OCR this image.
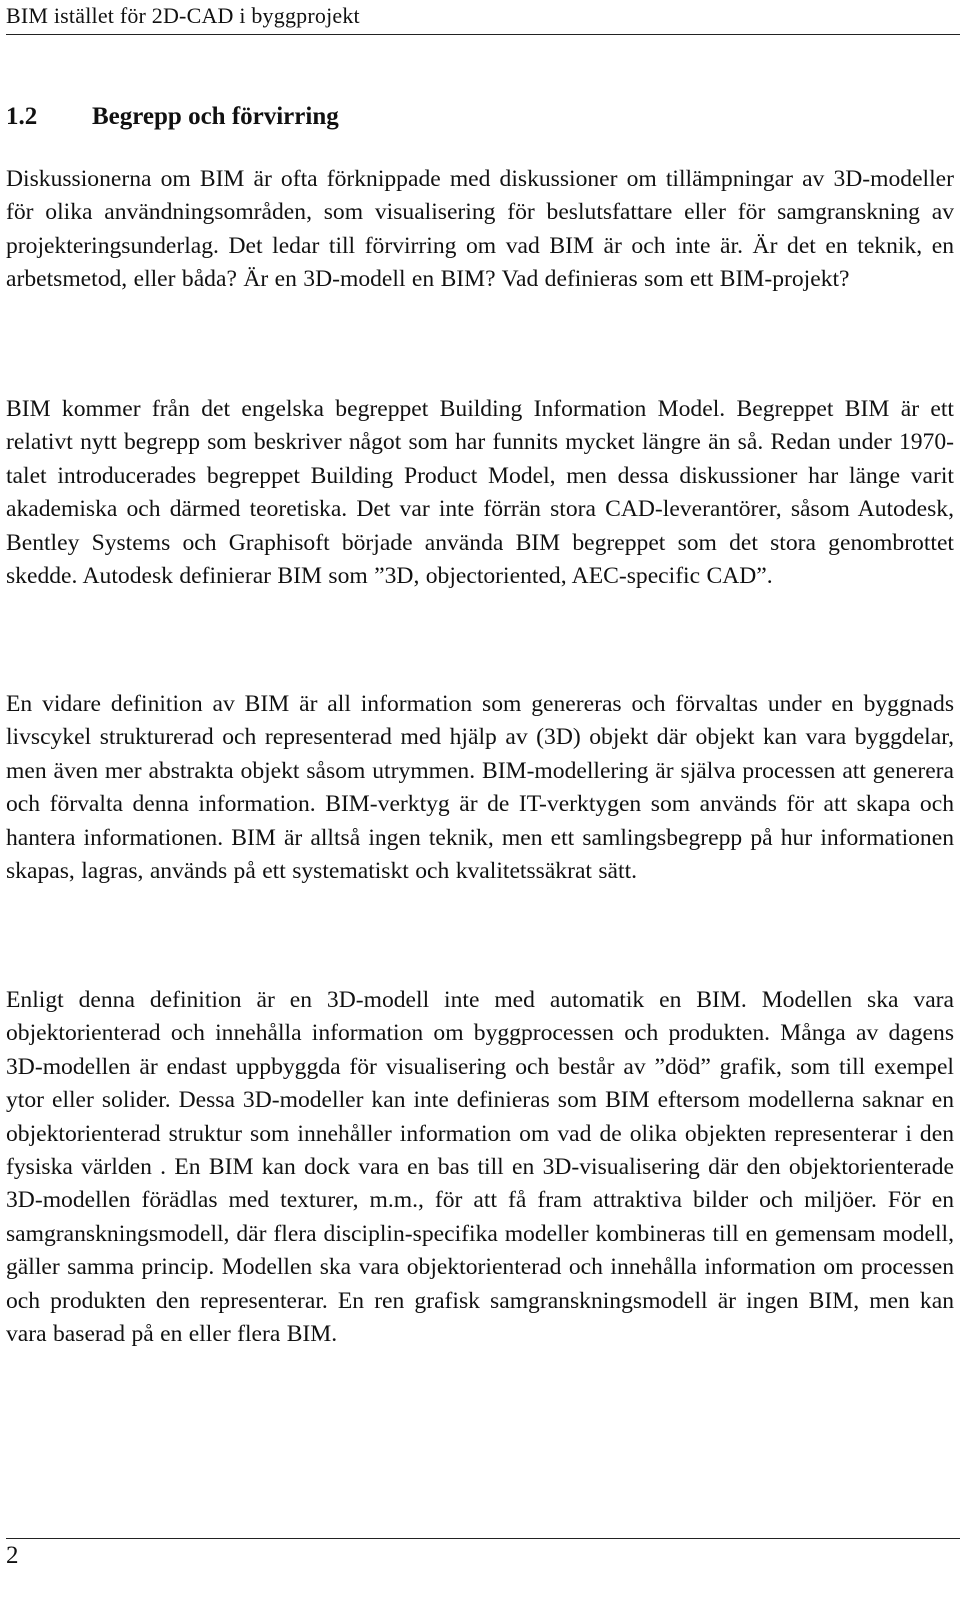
BIM istället för 2D-CAD i byggprojekt
1.2 Begrepp och förvirring

Diskussionerna om BIM är ofta förknippade med diskussioner om tillämpningar av 3D-modeller för olika användningsområden, som visualisering för beslutsfattare eller för samgranskning av projekteringsunderlag. Det ledar till förvirring om vad BIM är och inte är. Är det en teknik, en arbetsmetod, eller båda? Är en 3D-modell en BIM? Vad definieras som ett BIM-projekt?

BIM kommer från det engelska begreppet Building Information Model. Begreppet BIM är ett relativt nytt begrepp som beskriver något som har funnits mycket längre än så. Redan under 1970-talet introducerades begreppet Building Product Model, men dessa diskussioner har länge varit akademiska och därmed teoretiska. Det var inte förrän stora CAD-leverantörer, såsom Autodesk, Bentley Systems och Graphisoft började använda BIM begreppet som det stora genombrottet skedde. Autodesk definierar BIM som ”3D, objectoriented, AEC-specific CAD”.

En vidare definition av BIM är all information som genereras och förvaltas under en byggnads livscykel strukturerad och representerad med hjälp av (3D) objekt där objekt kan vara byggdelar, men även mer abstrakta objekt såsom utrymmen. BIM-modellering är själva processen att generera och förvalta denna information. BIM-verktyg är de IT-verktygen som används för att skapa och hantera informationen. BIM är alltså ingen teknik, men ett samlingsbegrepp på hur informationen skapas, lagras, används på ett systematiskt och kvalitetssäkrat sätt.

Enligt denna definition är en 3D-modell inte med automatik en BIM. Modellen ska vara objektorienterad och innehålla information om byggprocessen och produkten. Många av dagens 3D-modellen är endast uppbyggda för visualisering och består av ”död” grafik, som till exempel ytor eller solider. Dessa 3D-modeller kan inte definieras som BIM eftersom modellerna saknar en objektorienterad struktur som innehåller information om vad de olika objekten representerar i den fysiska världen . En BIM kan dock vara en bas till en 3D-visualisering där den objektorienterade 3D-modellen förädlas med texturer, m.m., för att få fram attraktiva bilder och miljöer. För en samgranskningsmodell, där flera disciplin-specifika modeller kombineras till en gemensam modell, gäller samma princip. Modellen ska vara objektorienterad och innehålla information om processen och produkten den representerar. En ren grafisk samgranskningsmodell är ingen BIM, men kan vara baserad på en eller flera BIM.

2
